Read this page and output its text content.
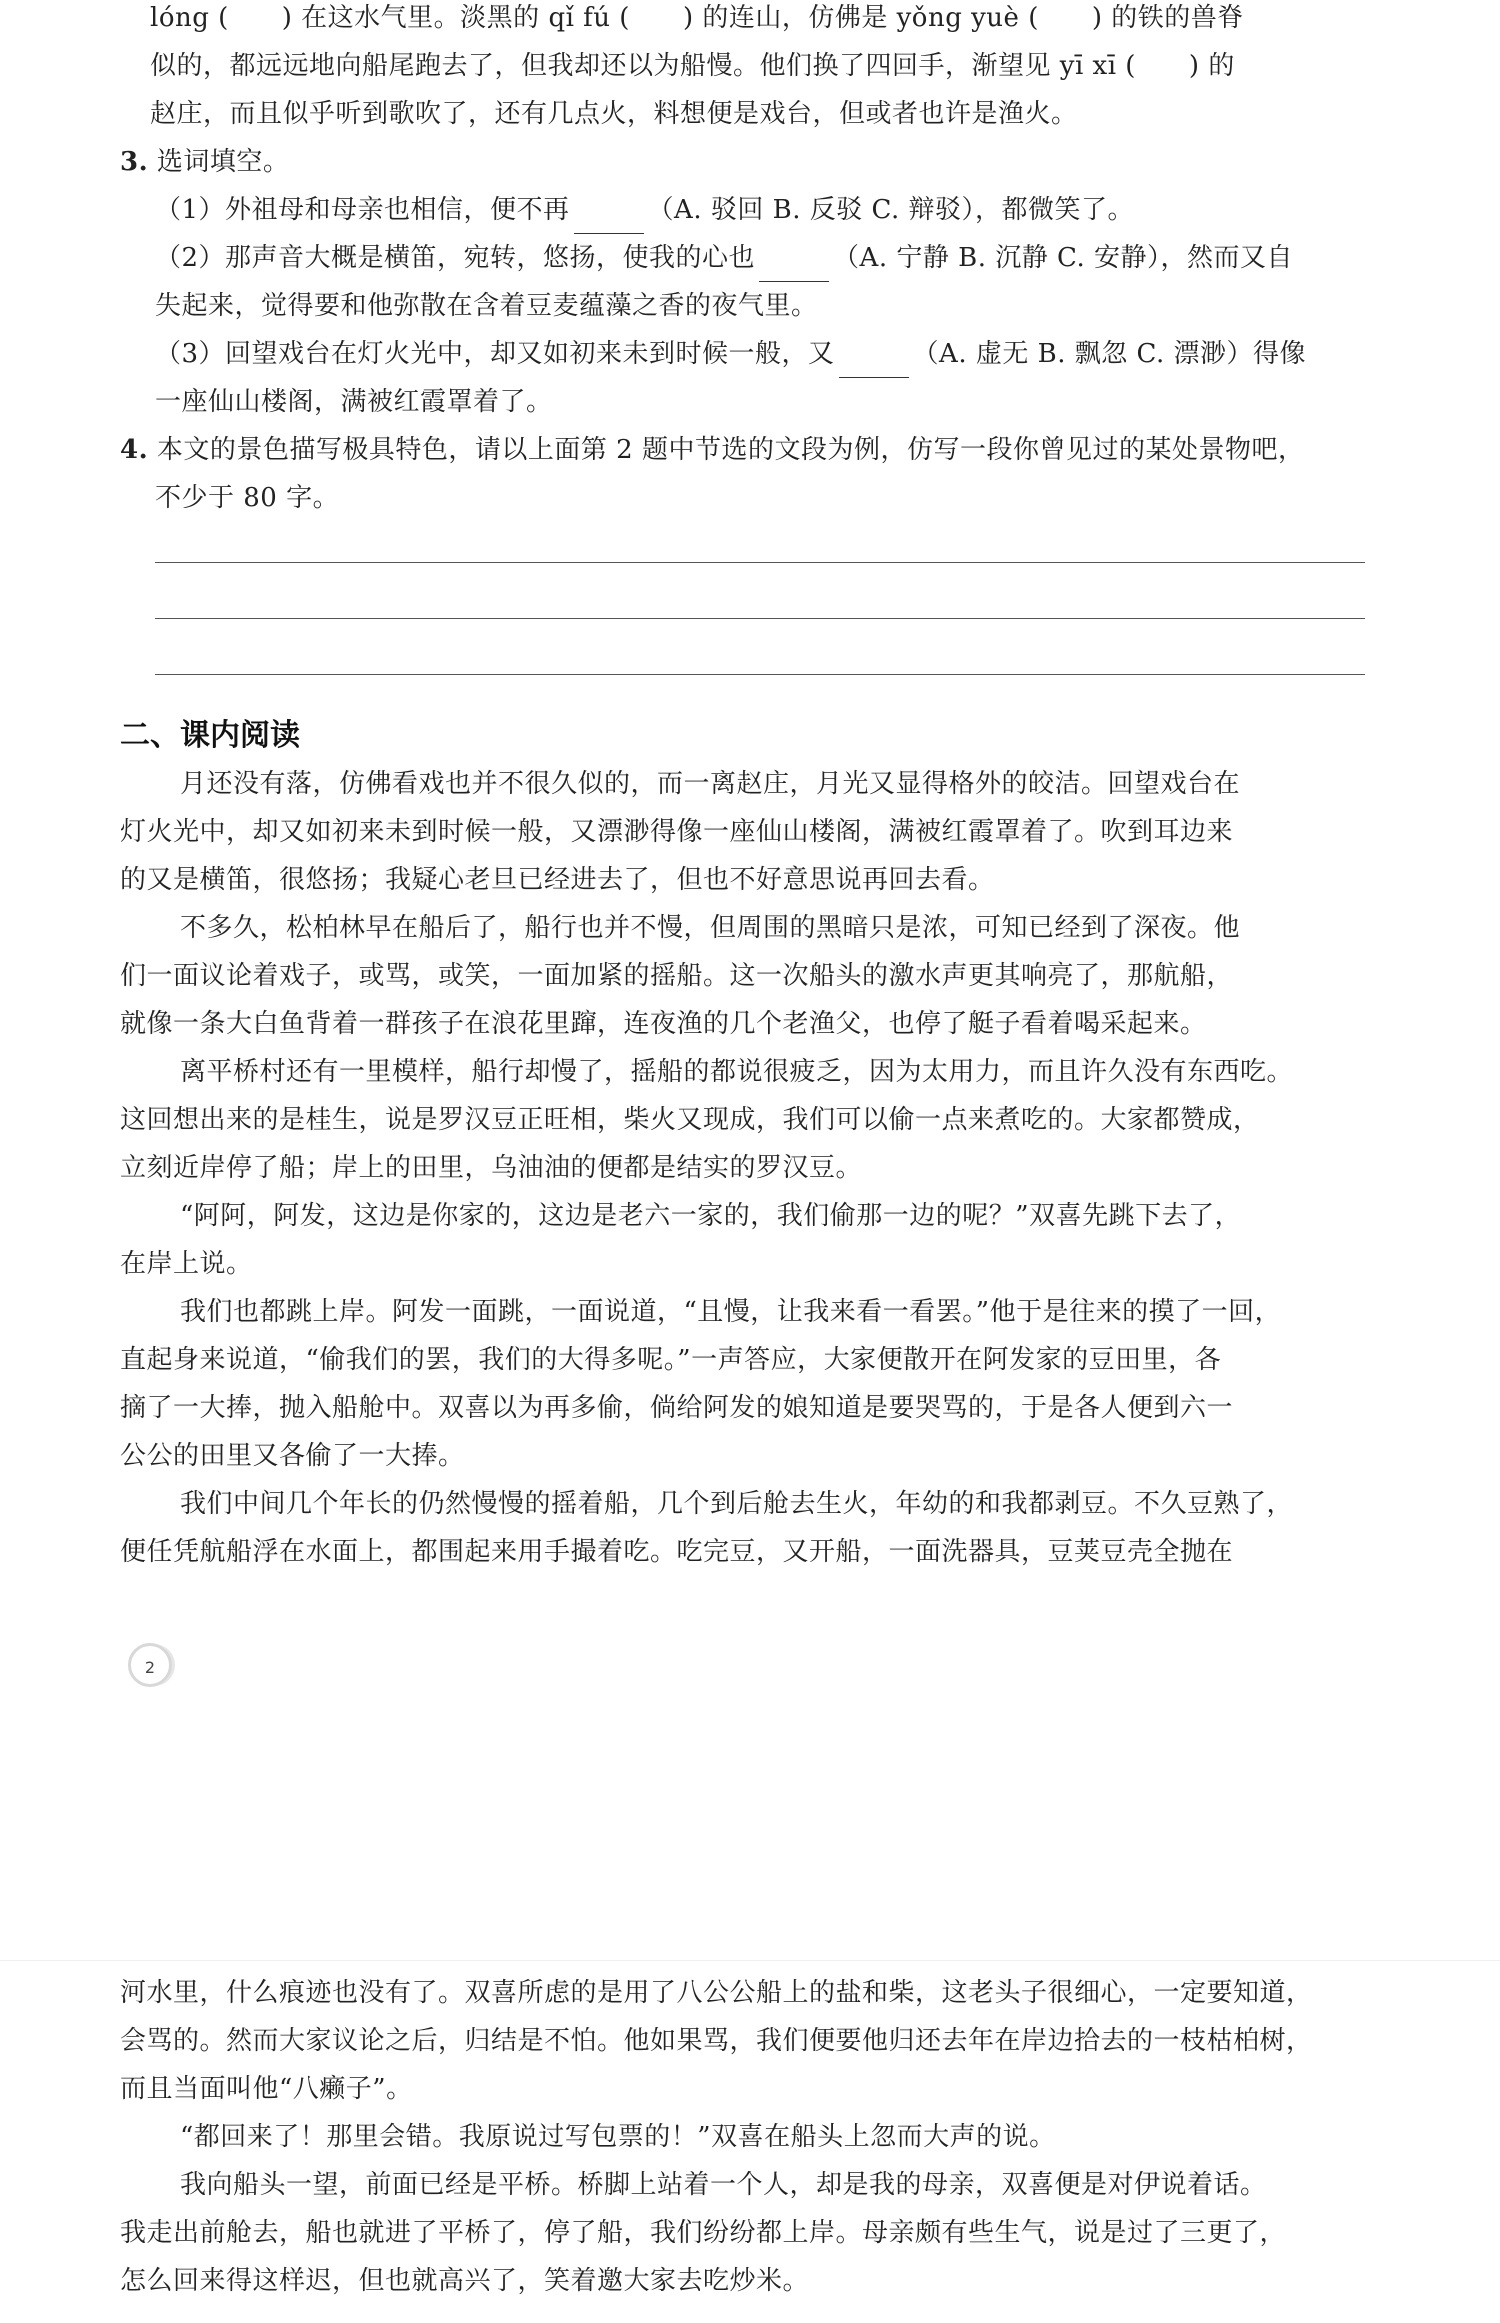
lóng (　　) 在这水气里。淡黑的 qǐ fú (　　) 的连山，仿佛是 yǒng yuè (　　) 的铁的兽脊
似的，都远远地向船尾跑去了，但我却还以为船慢。他们换了四回手，渐望见 yī xī (　　) 的
赵庄，而且似乎听到歌吹了，还有几点火，料想便是戏台，但或者也许是渔火。
3. 选词填空。
（1）外祖母和母亲也相信，便不再	（A. 驳回 B. 反驳 C. 辩驳），都微笑了。
（2）那声音大概是横笛，宛转，悠扬，使我的心也	（A. 宁静 B. 沉静 C. 安静），然而又自
失起来，觉得要和他弥散在含着豆麦蕴藻之香的夜气里。
（3）回望戏台在灯火光中，却又如初来未到时候一般，又	（A. 虚无 B. 飘忽 C. 漂渺）得像
一座仙山楼阁，满被红霞罩着了。
4. 本文的景色描写极具特色，请以上面第 2 题中节选的文段为例，仿写一段你曾见过的某处景物吧，
不少于 80 字。
二、课内阅读
月还没有落，仿佛看戏也并不很久似的，而一离赵庄，月光又显得格外的皎洁。回望戏台在
灯火光中，却又如初来未到时候一般，又漂渺得像一座仙山楼阁，满被红霞罩着了。吹到耳边来
的又是横笛，很悠扬；我疑心老旦已经进去了，但也不好意思说再回去看。
不多久，松柏林早在船后了，船行也并不慢，但周围的黑暗只是浓，可知已经到了深夜。他
们一面议论着戏子，或骂，或笑，一面加紧的摇船。这一次船头的激水声更其响亮了，那航船，
就像一条大白鱼背着一群孩子在浪花里蹿，连夜渔的几个老渔父，也停了艇子看着喝采起来。
离平桥村还有一里模样，船行却慢了，摇船的都说很疲乏，因为太用力，而且许久没有东西吃。
这回想出来的是桂生，说是罗汉豆正旺相，柴火又现成，我们可以偷一点来煮吃的。大家都赞成，
立刻近岸停了船；岸上的田里，乌油油的便都是结实的罗汉豆。
“阿阿，阿发，这边是你家的，这边是老六一家的，我们偷那一边的呢？”双喜先跳下去了，
在岸上说。
我们也都跳上岸。阿发一面跳，一面说道，“且慢，让我来看一看罢。”他于是往来的摸了一回，
直起身来说道，“偷我们的罢，我们的大得多呢。”一声答应，大家便散开在阿发家的豆田里，各
摘了一大捧，抛入船舱中。双喜以为再多偷，倘给阿发的娘知道是要哭骂的，于是各人便到六一
公公的田里又各偷了一大捧。
我们中间几个年长的仍然慢慢的摇着船，几个到后舱去生火，年幼的和我都剥豆。不久豆熟了，
便任凭航船浮在水面上，都围起来用手撮着吃。吃完豆，又开船，一面洗器具，豆荚豆壳全抛在
2
河水里，什么痕迹也没有了。双喜所虑的是用了八公公船上的盐和柴，这老头子很细心，一定要知道，
会骂的。然而大家议论之后，归结是不怕。他如果骂，我们便要他归还去年在岸边拾去的一枝枯柏树，
而且当面叫他“八癞子”。
“都回来了！那里会错。我原说过写包票的！”双喜在船头上忽而大声的说。
我向船头一望，前面已经是平桥。桥脚上站着一个人，却是我的母亲，双喜便是对伊说着话。
我走出前舱去，船也就进了平桥了，停了船，我们纷纷都上岸。母亲颇有些生气，说是过了三更了，
怎么回来得这样迟，但也就高兴了，笑着邀大家去吃炒米。
